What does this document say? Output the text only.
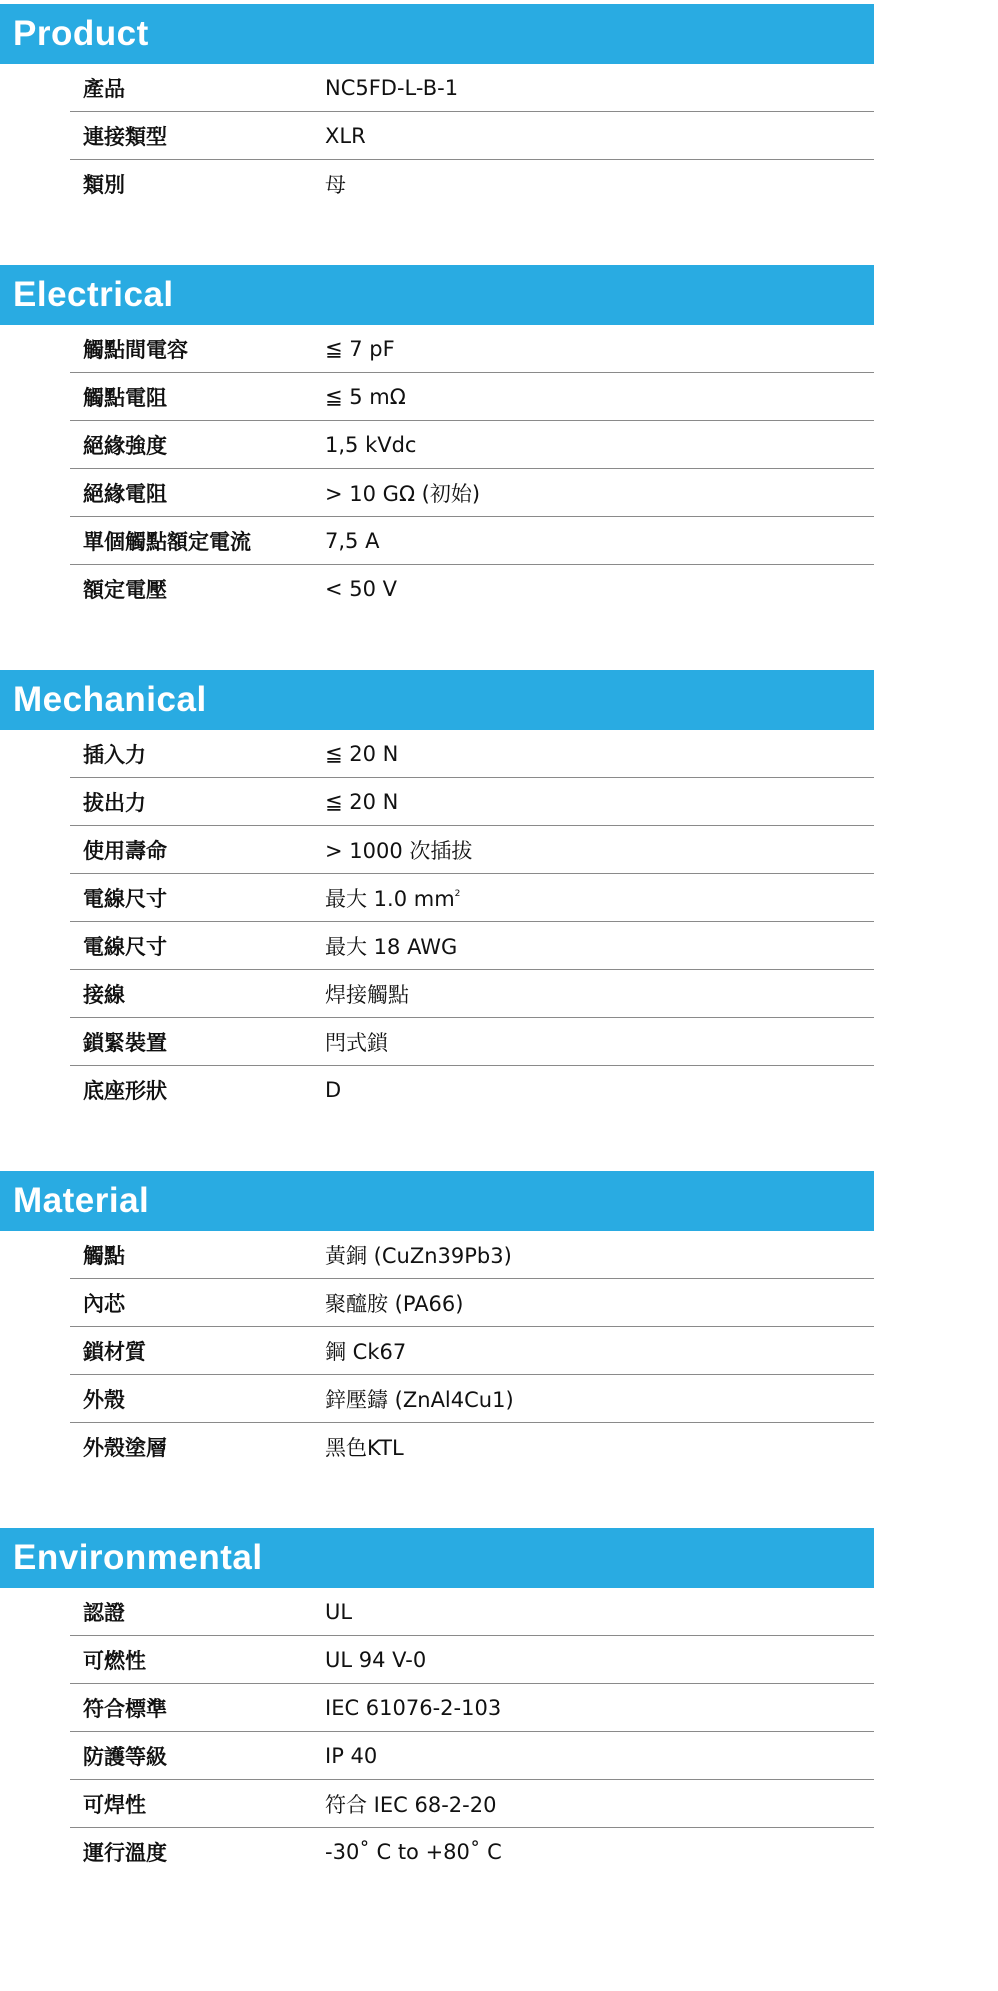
Product
產品	NC5FD-L-B-1
連接類型	XLR
類別	母
Electrical
觸點間電容	≦ 7 pF
觸點電阻	≦ 5 mΩ
絕緣強度	1,5 kVdc
絕緣電阻	> 10 GΩ (初始)
單個觸點額定電流	7,5 A
額定電壓	< 50 V
Mechanical
插入力	≦ 20 N
拔出力	≦ 20 N
使用壽命	> 1000 次插拔
電線尺寸	最大 1.0 $mm^2$
電線尺寸	最大 18 AWG
接線	焊接觸點
鎖緊裝置	閂式鎖
底座形狀	D
Material
觸點	黃銅 (CuZn39Pb3)
內芯	聚醯胺 (PA66)
鎖材質	鋼 Ck67
外殼	鋅壓鑄 (ZnAl4Cu1)
外殼塗層	黑色KTL
Environmental
認證	UL
可燃性	UL 94 V-0
符合標準	IEC 61076-2-103
防護等級	IP 40
可焊性	符合 IEC 68-2-20
運行溫度	-30˚ C to +80˚ C
